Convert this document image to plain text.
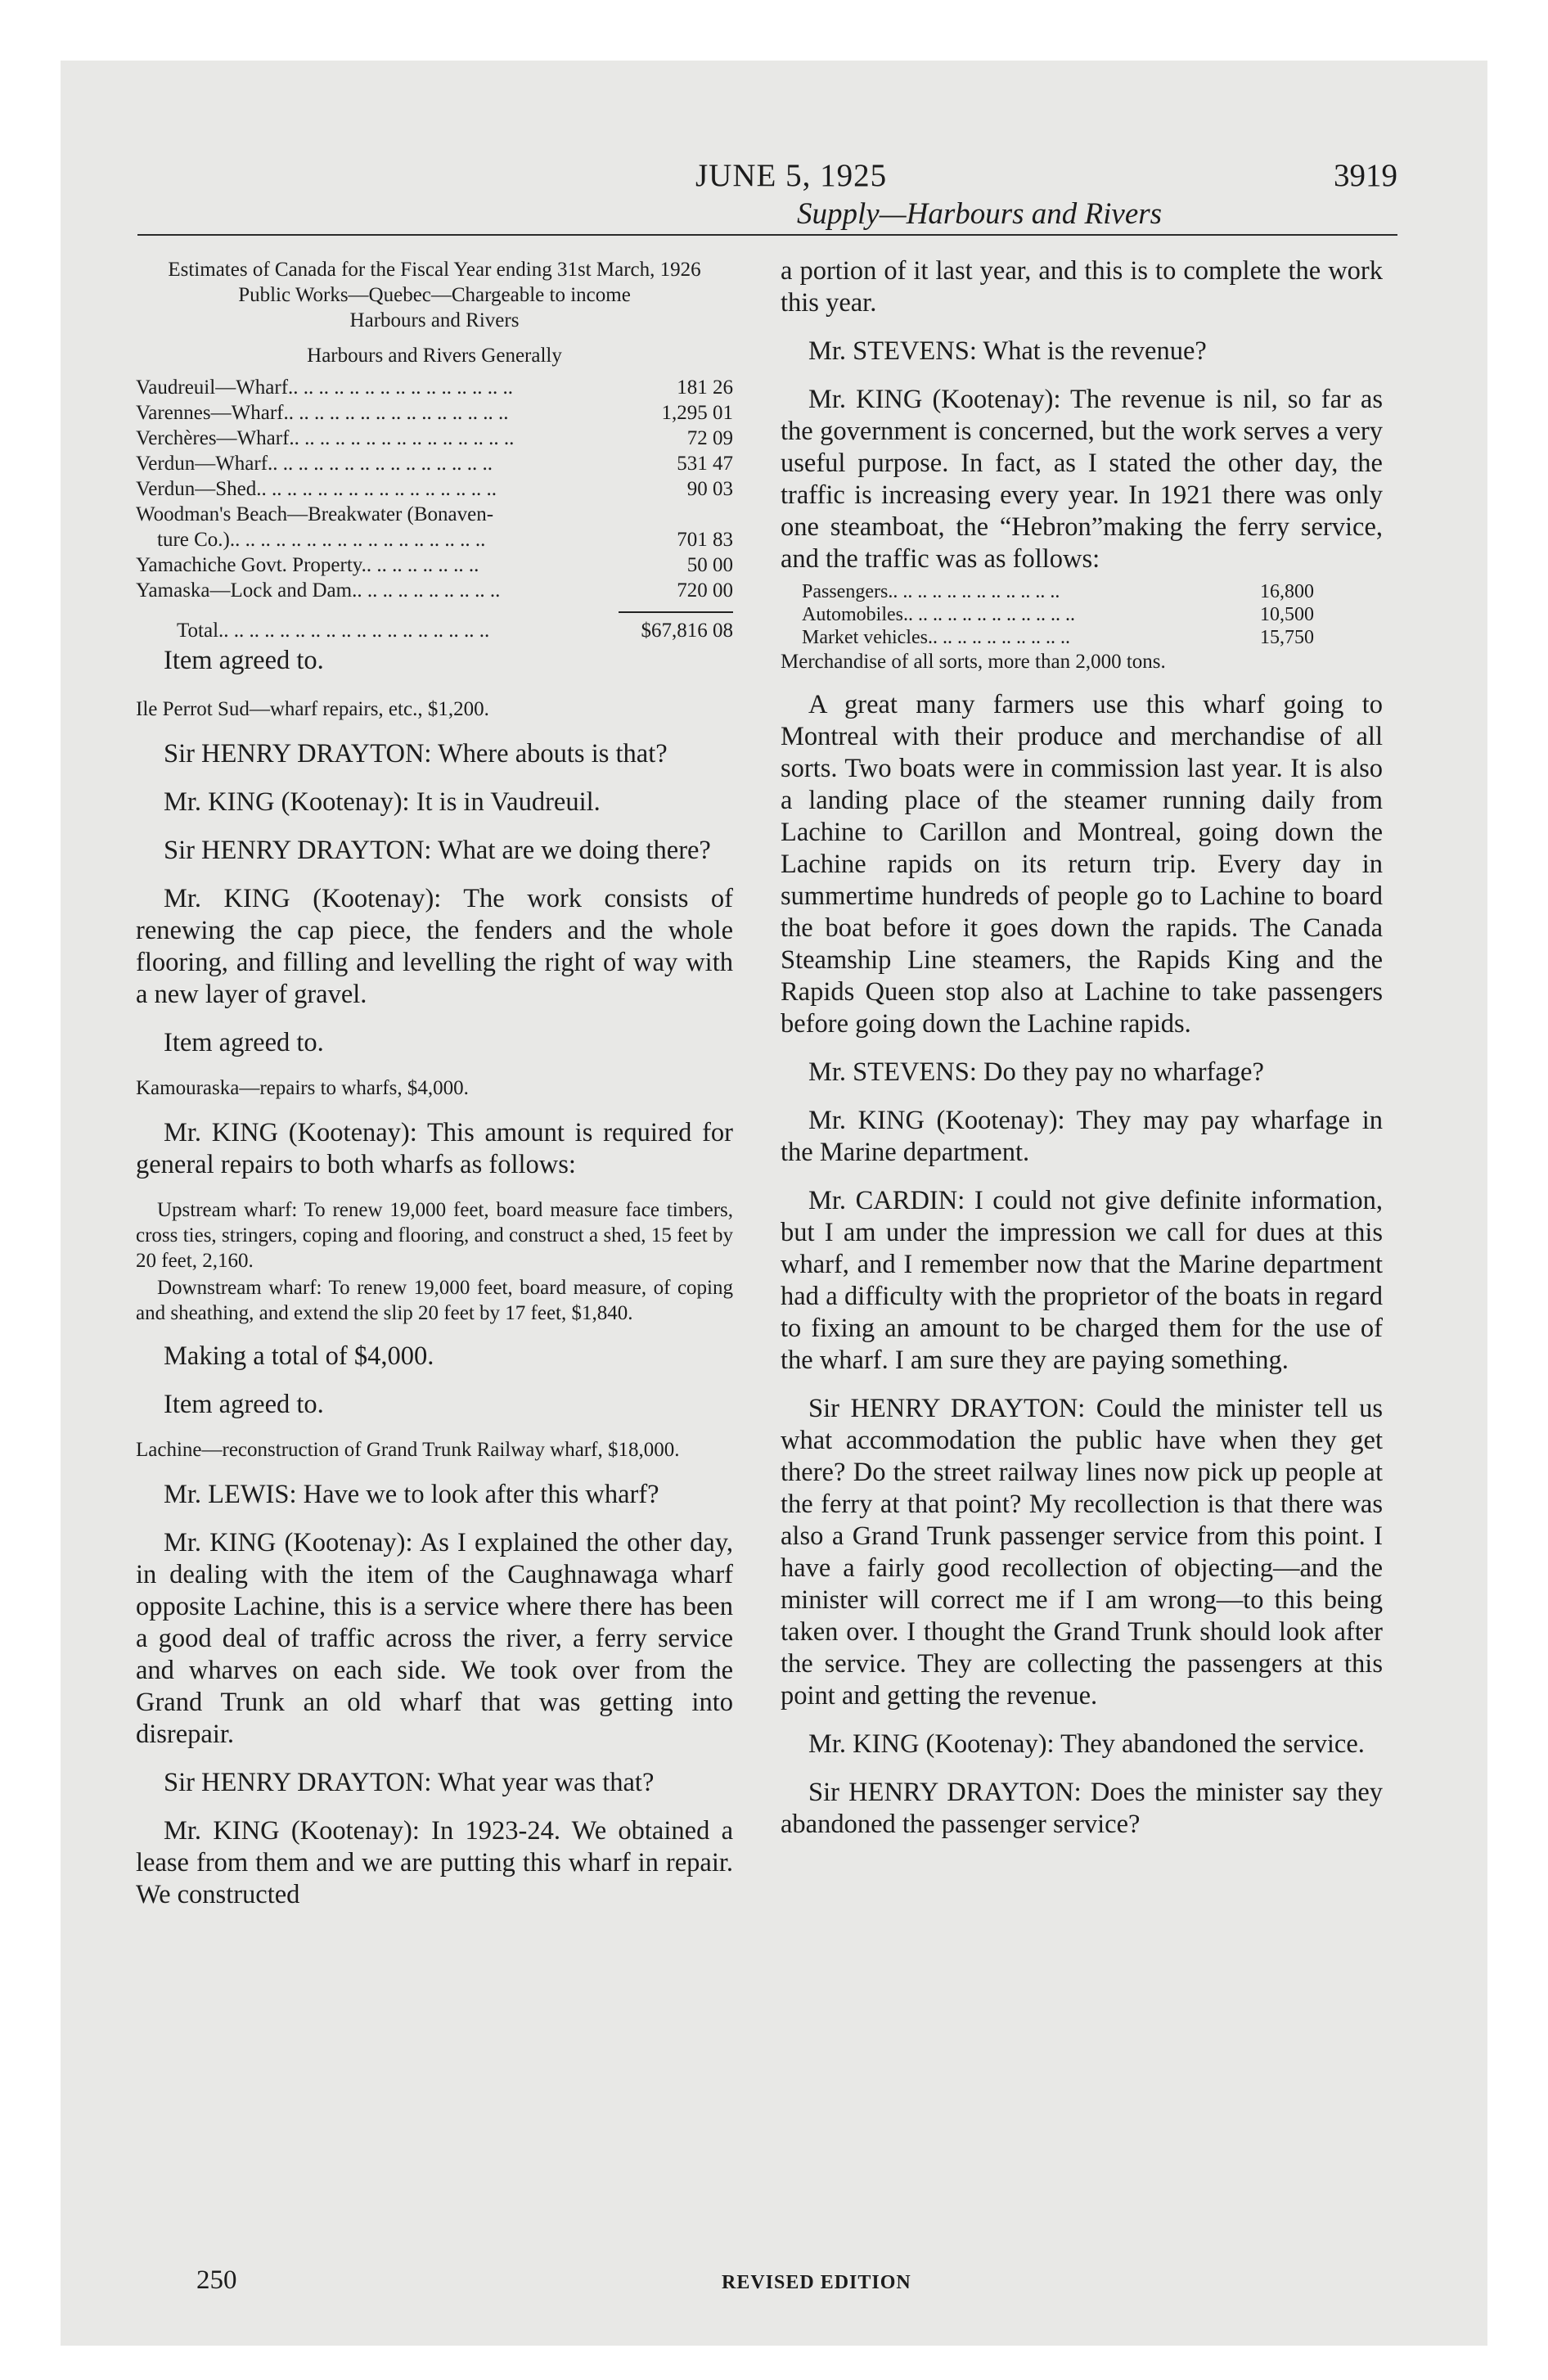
JUNE 5, 1925	3919
Supply—Harbours and Rivers
Estimates of Canada for the Fiscal Year ending 31st March, 1926
Public Works—Quebec—Chargeable to income
Harbours and Rivers
Harbours and Rivers Generally
Vaudreuil—Wharf.. .. .. .. .. .. .. .. .. .. .. .. .. .. ..	181 26
Varennes—Wharf.. .. .. .. .. .. .. .. .. .. .. .. .. .. ..	1,295 01
Verchères—Wharf.. .. .. .. .. .. .. .. .. .. .. .. .. .. ..	72 09
Verdun—Wharf.. .. .. .. .. .. .. .. .. .. .. .. .. .. ..	531 47
Verdun—Shed.. .. .. .. .. .. .. .. .. .. .. .. .. .. .. ..	90 03
Woodman's Beach—Breakwater (Bonaven-
ture Co.).. .. .. .. .. .. .. .. .. .. .. .. .. .. .. .. ..	701 83
Yamachiche Govt. Property.. .. .. .. .. .. .. ..	50 00
Yamaska—Lock and Dam.. .. .. .. .. .. .. .. .. ..	720 00
Total.. .. .. .. .. .. .. .. .. .. .. .. .. .. .. .. .. ..	$67,816 08

Item agreed to.

Ile Perrot Sud—wharf repairs, etc., $1,200.

Sir HENRY DRAYTON: Where abouts is that?

Mr. KING (Kootenay): It is in Vaudreuil.

Sir HENRY DRAYTON: What are we doing there?

Mr. KING (Kootenay): The work consists of renewing the cap piece, the fenders and the whole flooring, and filling and levelling the right of way with a new layer of gravel.

Item agreed to.

Kamouraska—repairs to wharfs, $4,000.

Mr. KING (Kootenay): This amount is required for general repairs to both wharfs as follows:

Upstream wharf: To renew 19,000 feet, board measure face timbers, cross ties, stringers, coping and flooring, and construct a shed, 15 feet by 20 feet, 2,160.

Downstream wharf: To renew 19,000 feet, board measure, of coping and sheathing, and extend the slip 20 feet by 17 feet, $1,840.

Making a total of $4,000.

Item agreed to.

Lachine—reconstruction of Grand Trunk Railway wharf, $18,000.

Mr. LEWIS: Have we to look after this wharf?

Mr. KING (Kootenay): As I explained the other day, in dealing with the item of the Caughnawaga wharf opposite Lachine, this is a service where there has been a good deal of traffic across the river, a ferry service and wharves on each side. We took over from the Grand Trunk an old wharf that was getting into disrepair.

Sir HENRY DRAYTON: What year was that?

Mr. KING (Kootenay): In 1923-24. We obtained a lease from them and we are putting this wharf in repair. We constructed

a portion of it last year, and this is to complete the work this year.

Mr. STEVENS: What is the revenue?

Mr. KING (Kootenay): The revenue is nil, so far as the government is concerned, but the work serves a very useful purpose. In fact, as I stated the other day, the traffic is increasing every year. In 1921 there was only one steamboat, the “Hebron”making the ferry service, and the traffic was as follows:

Passengers.. .. .. .. .. .. .. .. .. .. .. ..	16,800
Automobiles.. .. .. .. .. .. .. .. .. .. .. ..	10,500
Market vehicles.. .. .. .. .. .. .. .. .. ..	15,750

Merchandise of all sorts, more than 2,000 tons.

A great many farmers use this wharf going to Montreal with their produce and merchandise of all sorts. Two boats were in commission last year. It is also a landing place of the steamer running daily from Lachine to Carillon and Montreal, going down the Lachine rapids on its return trip. Every day in summertime hundreds of people go to Lachine to board the boat before it goes down the rapids. The Canada Steamship Line steamers, the Rapids King and the Rapids Queen stop also at Lachine to take passengers before going down the Lachine rapids.

Mr. STEVENS: Do they pay no wharfage?

Mr. KING (Kootenay): They may pay wharfage in the Marine department.

Mr. CARDIN: I could not give definite information, but I am under the impression we call for dues at this wharf, and I remember now that the Marine department had a difficulty with the proprietor of the boats in regard to fixing an amount to be charged them for the use of the wharf. I am sure they are paying something.

Sir HENRY DRAYTON: Could the minister tell us what accommodation the public have when they get there? Do the street railway lines now pick up people at the ferry at that point? My recollection is that there was also a Grand Trunk passenger service from this point. I have a fairly good recollection of objecting—and the minister will correct me if I am wrong—to this being taken over. I thought the Grand Trunk should look after the service. They are collecting the passengers at this point and getting the revenue.

Mr. KING (Kootenay): They abandoned the service.

Sir HENRY DRAYTON: Does the minister say they abandoned the passenger service?

250	REVISED EDITION
